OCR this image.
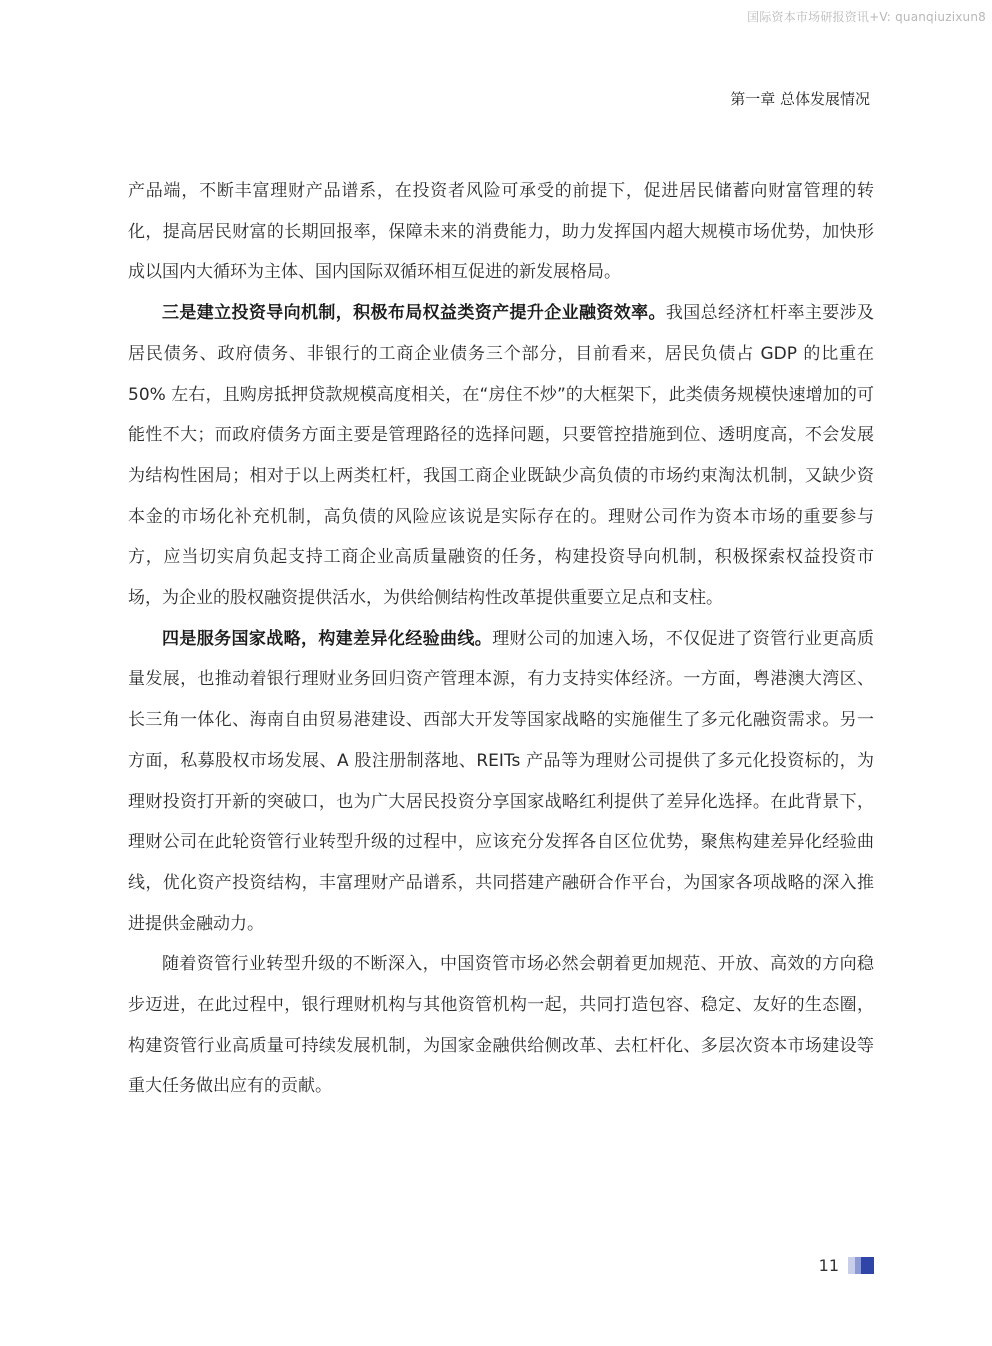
国际资本市场研报资讯+V: quanqiuzixun8
第一章 总体发展情况

产品端，不断丰富理财产品谱系，在投资者风险可承受的前提下，促进居民储蓄向财富管理的转化，提高居民财富的长期回报率，保障未来的消费能力，助力发挥国内超大规模市场优势，加快形成以国内大循环为主体、国内国际双循环相互促进的新发展格局。

三是建立投资导向机制，积极布局权益类资产提升企业融资效率。我国总经济杠杆率主要涉及居民债务、政府债务、非银行的工商企业债务三个部分，目前看来，居民负债占 GDP 的比重在 50% 左右，且购房抵押贷款规模高度相关，在“房住不炒”的大框架下，此类债务规模快速增加的可能性不大；而政府债务方面主要是管理路径的选择问题，只要管控措施到位、透明度高，不会发展为结构性困局；相对于以上两类杠杆，我国工商企业既缺少高负债的市场约束淘汰机制，又缺少资本金的市场化补充机制，高负债的风险应该说是实际存在的。理财公司作为资本市场的重要参与方，应当切实肩负起支持工商企业高质量融资的任务，构建投资导向机制，积极探索权益投资市场，为企业的股权融资提供活水，为供给侧结构性改革提供重要立足点和支柱。

四是服务国家战略，构建差异化经验曲线。理财公司的加速入场，不仅促进了资管行业更高质量发展，也推动着银行理财业务回归资产管理本源，有力支持实体经济。一方面，粤港澳大湾区、长三角一体化、海南自由贸易港建设、西部大开发等国家战略的实施催生了多元化融资需求。另一方面，私募股权市场发展、A 股注册制落地、REITs 产品等为理财公司提供了多元化投资标的，为理财投资打开新的突破口，也为广大居民投资分享国家战略红利提供了差异化选择。在此背景下，理财公司在此轮资管行业转型升级的过程中，应该充分发挥各自区位优势，聚焦构建差异化经验曲线，优化资产投资结构，丰富理财产品谱系，共同搭建产融研合作平台，为国家各项战略的深入推进提供金融动力。

随着资管行业转型升级的不断深入，中国资管市场必然会朝着更加规范、开放、高效的方向稳步迈进，在此过程中，银行理财机构与其他资管机构一起，共同打造包容、稳定、友好的生态圈，构建资管行业高质量可持续发展机制，为国家金融供给侧改革、去杠杆化、多层次资本市场建设等重大任务做出应有的贡献。

11
